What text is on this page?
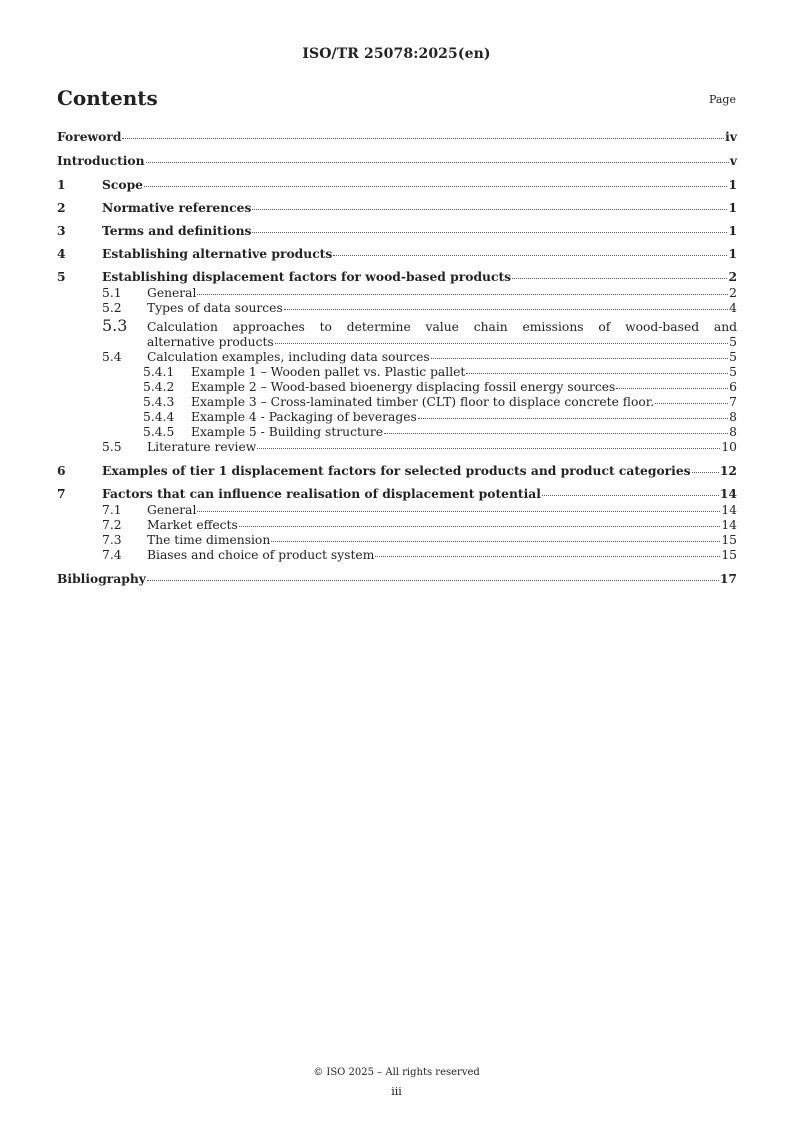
ISO/TR 25078:2025(en)
Contents	Page
Foreword	iv
Introduction	v
1	Scope	1
2	Normative references	1
3	Terms and definitions	1
4	Establishing alternative products	1
5	Establishing displacement factors for wood-based products	2
5.1	General	2
5.2	Types of data sources	4
5.3	Calculation approaches to determine value chain emissions of wood-based and
alternative products	5
5.4	Calculation examples, including data sources	5
5.4.1	Example 1 – Wooden pallet vs. Plastic pallet	5
5.4.2	Example 2 – Wood-based bioenergy displacing fossil energy sources	6
5.4.3	Example 3 – Cross-laminated timber (CLT) floor to displace concrete floor.	7
5.4.4	Example 4 - Packaging of beverages	8
5.4.5	Example 5 - Building structure	8
5.5	Literature review	10
6	Examples of tier 1 displacement factors for selected products and product categories 12
7	Factors that can influence realisation of displacement potential	14
7.1	General	14
7.2	Market effects	14
7.3	The time dimension	15
7.4	Biases and choice of product system	15
Bibliography	17
© ISO 2025 – All rights reserved
iii
